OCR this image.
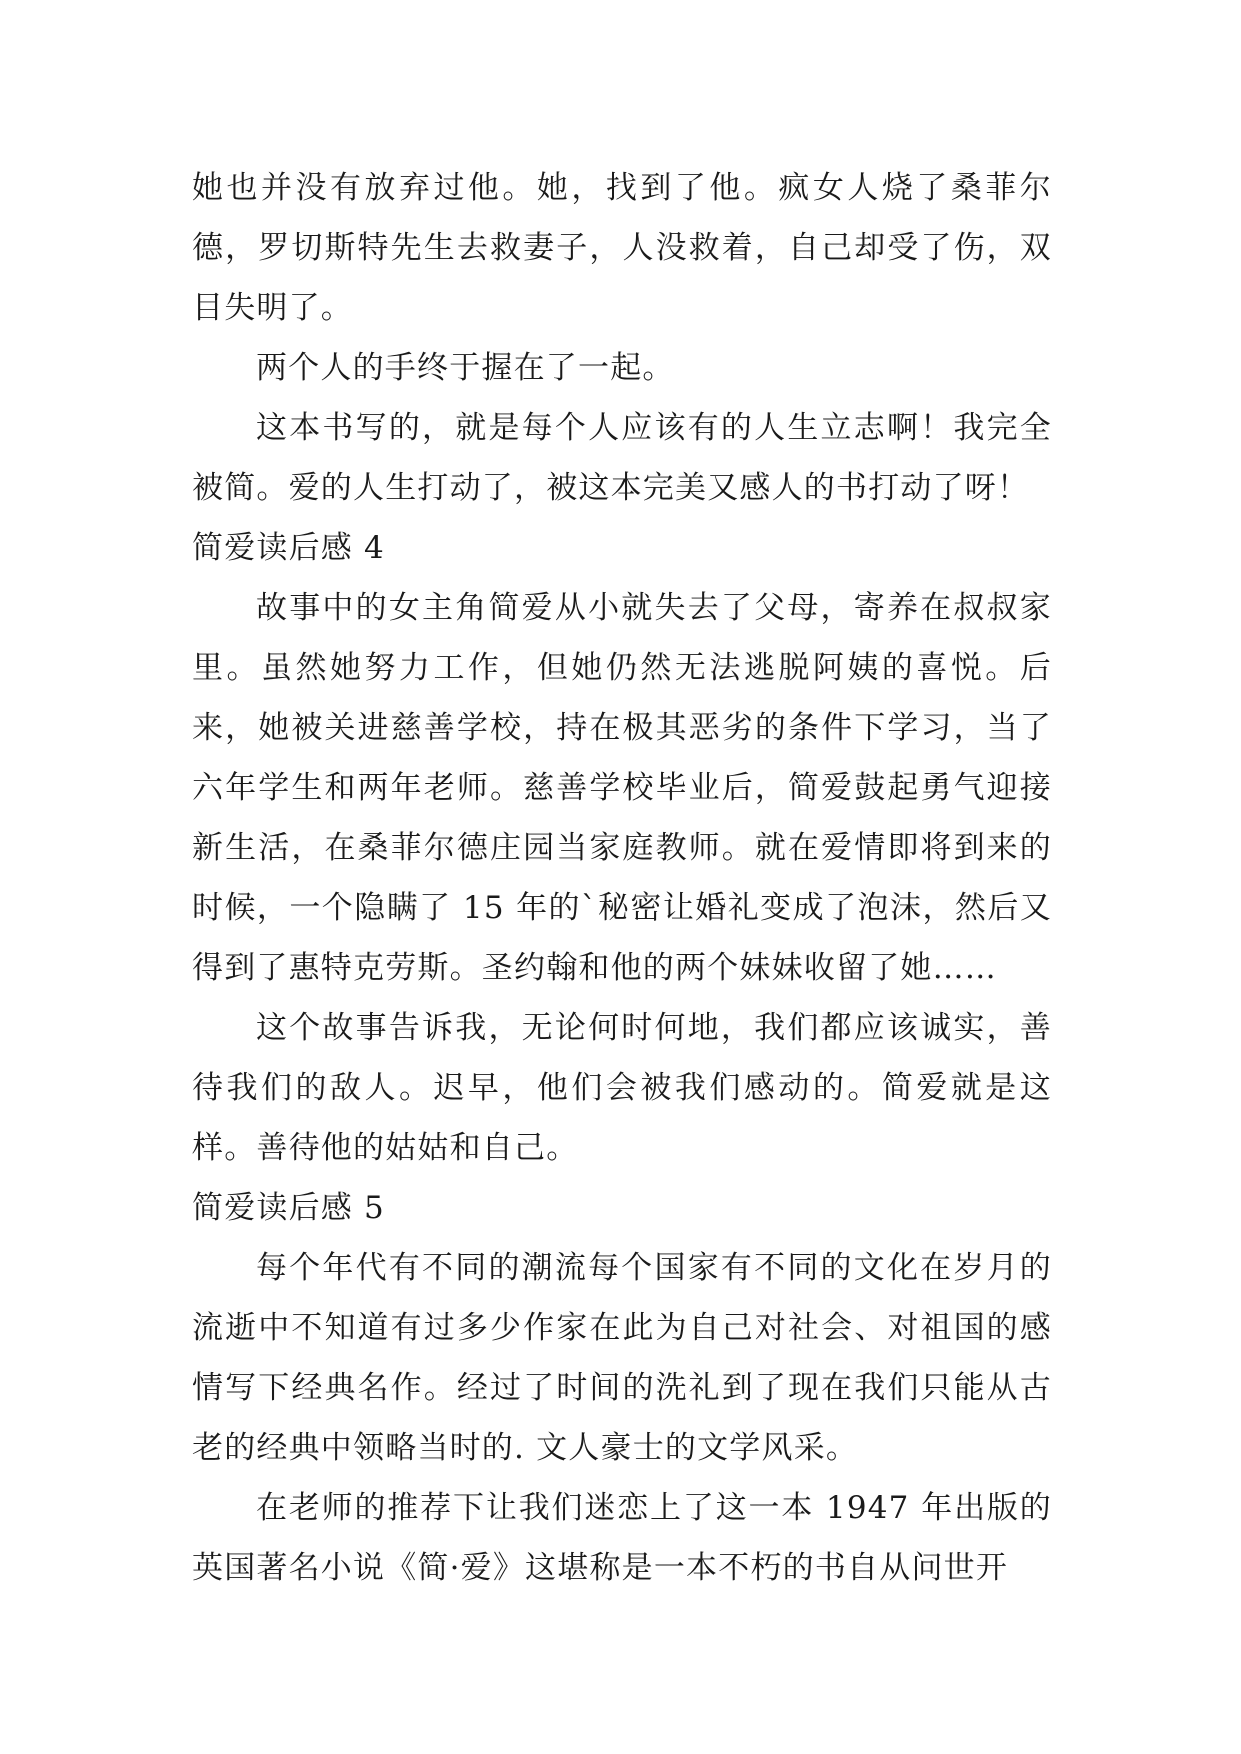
她也并没有放弃过他。她，找到了他。疯女人烧了桑菲尔德，罗切斯特先生去救妻子，人没救着，自己却受了伤，双目失明了。

两个人的手终于握在了一起。

这本书写的，就是每个人应该有的人生立志啊！我完全被简。爱的人生打动了，被这本完美又感人的书打动了呀！

简爱读后感 4

故事中的女主角简爱从小就失去了父母，寄养在叔叔家里。虽然她努力工作，但她仍然无法逃脱阿姨的喜悦。后来，她被关进慈善学校，持在极其恶劣的条件下学习，当了六年学生和两年老师。慈善学校毕业后，简爱鼓起勇气迎接新生活，在桑菲尔德庄园当家庭教师。就在爱情即将到来的时候，一个隐瞒了 15 年的`秘密让婚礼变成了泡沫，然后又得到了惠特克劳斯。圣约翰和他的两个妹妹收留了她……

这个故事告诉我，无论何时何地，我们都应该诚实，善待我们的敌人。迟早，他们会被我们感动的。简爱就是这样。善待他的姑姑和自己。

简爱读后感 5

每个年代有不同的潮流每个国家有不同的文化在岁月的流逝中不知道有过多少作家在此为自己对社会、对祖国的感情写下经典名作。经过了时间的洗礼到了现在我们只能从古老的经典中领略当时的. 文人豪士的文学风采。

在老师的推荐下让我们迷恋上了这一本 1947 年出版的英国著名小说《简·爱》这堪称是一本不朽的书自从问世开
